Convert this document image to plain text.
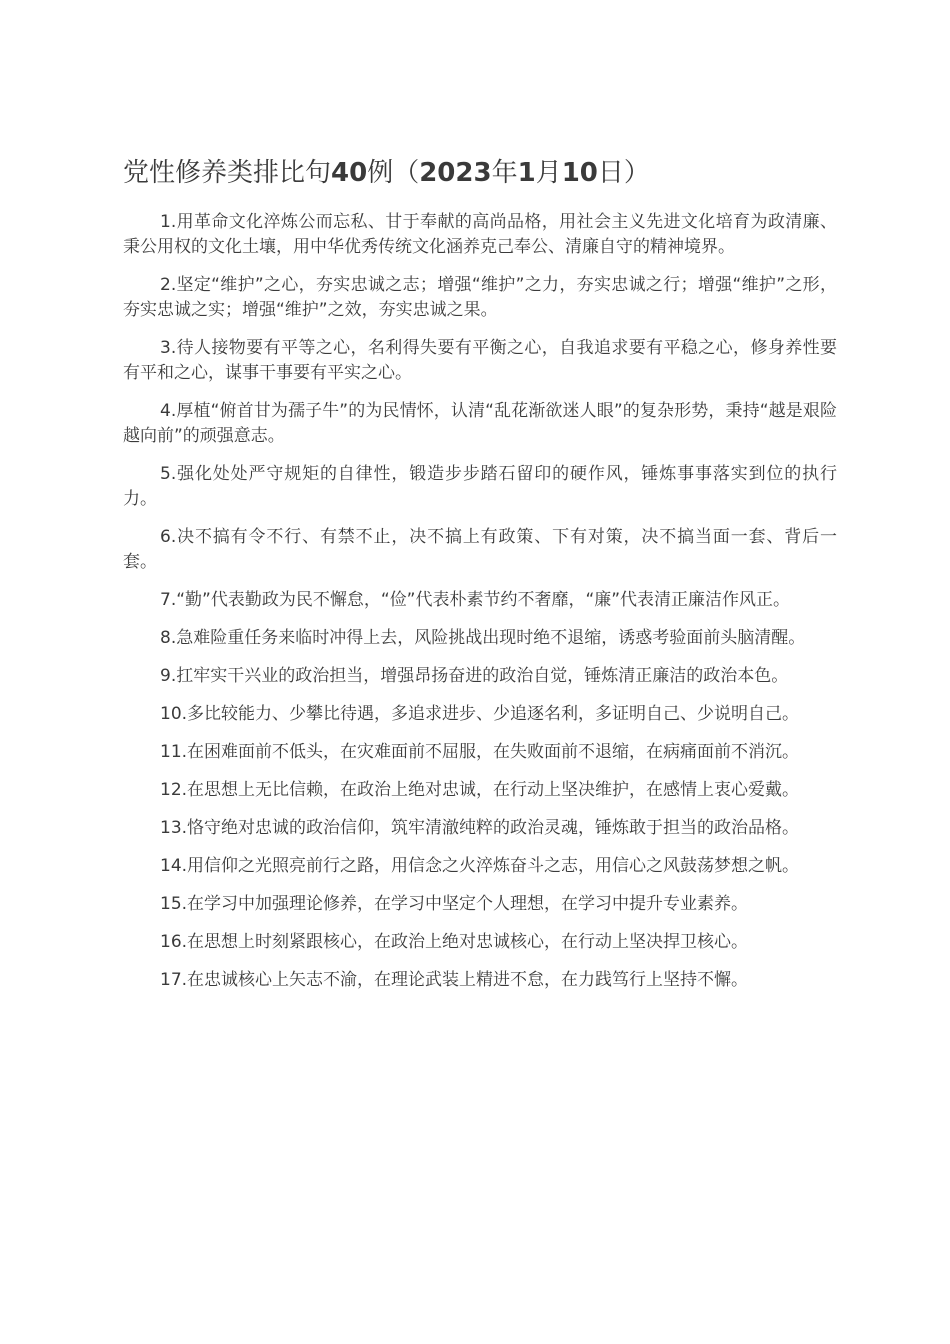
党性修养类排比句40例（2023年1月10日）

1.用革命文化淬炼公而忘私、甘于奉献的高尚品格，用社会主义先进文化培育为政清廉、秉公用权的文化土壤，用中华优秀传统文化涵养克己奉公、清廉自守的精神境界。

2.坚定“维护”之心，夯实忠诚之志；增强“维护”之力，夯实忠诚之行；增强“维护”之形，夯实忠诚之实；增强“维护”之效，夯实忠诚之果。

3.待人接物要有平等之心，名利得失要有平衡之心，自我追求要有平稳之心，修身养性要有平和之心，谋事干事要有平实之心。

4.厚植“俯首甘为孺子牛”的为民情怀，认清“乱花渐欲迷人眼”的复杂形势，秉持“越是艰险越向前”的顽强意志。

5.强化处处严守规矩的自律性，锻造步步踏石留印的硬作风，锤炼事事落实到位的执行力。

6.决不搞有令不行、有禁不止，决不搞上有政策、下有对策，决不搞当面一套、背后一套。

7.“勤”代表勤政为民不懈怠，“俭”代表朴素节约不奢靡，“廉”代表清正廉洁作风正。

8.急难险重任务来临时冲得上去，风险挑战出现时绝不退缩，诱惑考验面前头脑清醒。

9.扛牢实干兴业的政治担当，增强昂扬奋进的政治自觉，锤炼清正廉洁的政治本色。

10.多比较能力、少攀比待遇，多追求进步、少追逐名利，多证明自己、少说明自己。

11.在困难面前不低头，在灾难面前不屈服，在失败面前不退缩，在病痛面前不消沉。

12.在思想上无比信赖，在政治上绝对忠诚，在行动上坚决维护，在感情上衷心爱戴。

13.恪守绝对忠诚的政治信仰，筑牢清澈纯粹的政治灵魂，锤炼敢于担当的政治品格。

14.用信仰之光照亮前行之路，用信念之火淬炼奋斗之志，用信心之风鼓荡梦想之帆。

15.在学习中加强理论修养，在学习中坚定个人理想，在学习中提升专业素养。

16.在思想上时刻紧跟核心，在政治上绝对忠诚核心，在行动上坚决捍卫核心。

17.在忠诚核心上矢志不渝，在理论武装上精进不怠，在力践笃行上坚持不懈。
